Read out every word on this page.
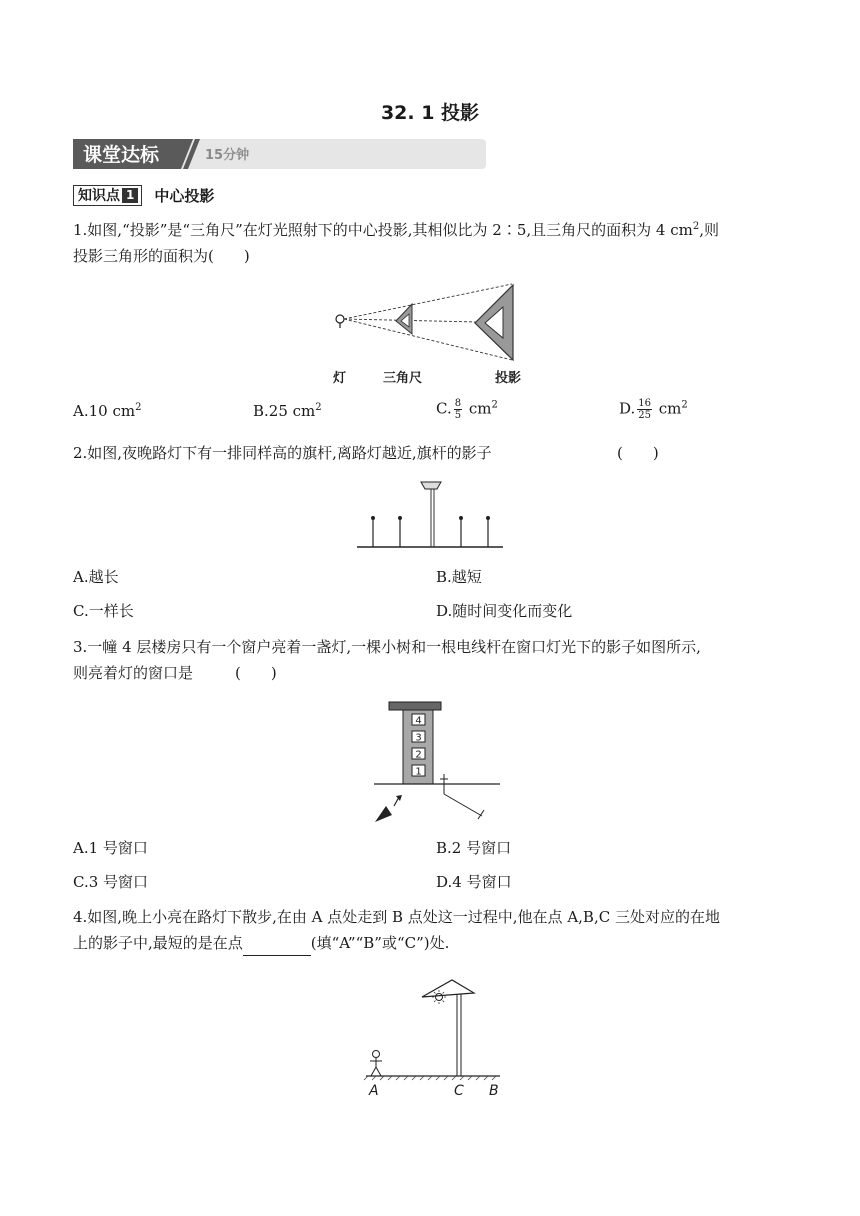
32. 1 投影
课堂达标	15分钟
知识点 1 中心投影
1.如图,“投影”是“三角尺”在灯光照射下的中心投影,其相似比为 2∶5,且三角尺的面积为 4 $cm^2$,则
投影三角形的面积为(　　)
灯	三角尺	投影
A.10 $cm^2$	B.25 $cm^2$	C. $\frac{8}{5} cm^2$	D. $\frac{16}{25} cm^2$
2.如图,夜晚路灯下有一排同样高的旗杆,离路灯越近,旗杆的影子	(　　)
A.越长	B.越短
C.一样长	D.随时间变化而变化
3.一幢 4 层楼房只有一个窗户亮着一盏灯,一棵小树和一根电线杆在窗口灯光下的影子如图所示,
则亮着灯的窗口是	(　　)
4
3
2
1
A.1 号窗口	B.2 号窗口
C.3 号窗口	D.4 号窗口
4.如图,晚上小亮在路灯下散步,在由 A 点处走到 B 点处这一过程中,他在点 A,B,C 三处对应的在地
上的影子中,最短的是在点	(填“A”“B”或“C”)处.
A	C B
